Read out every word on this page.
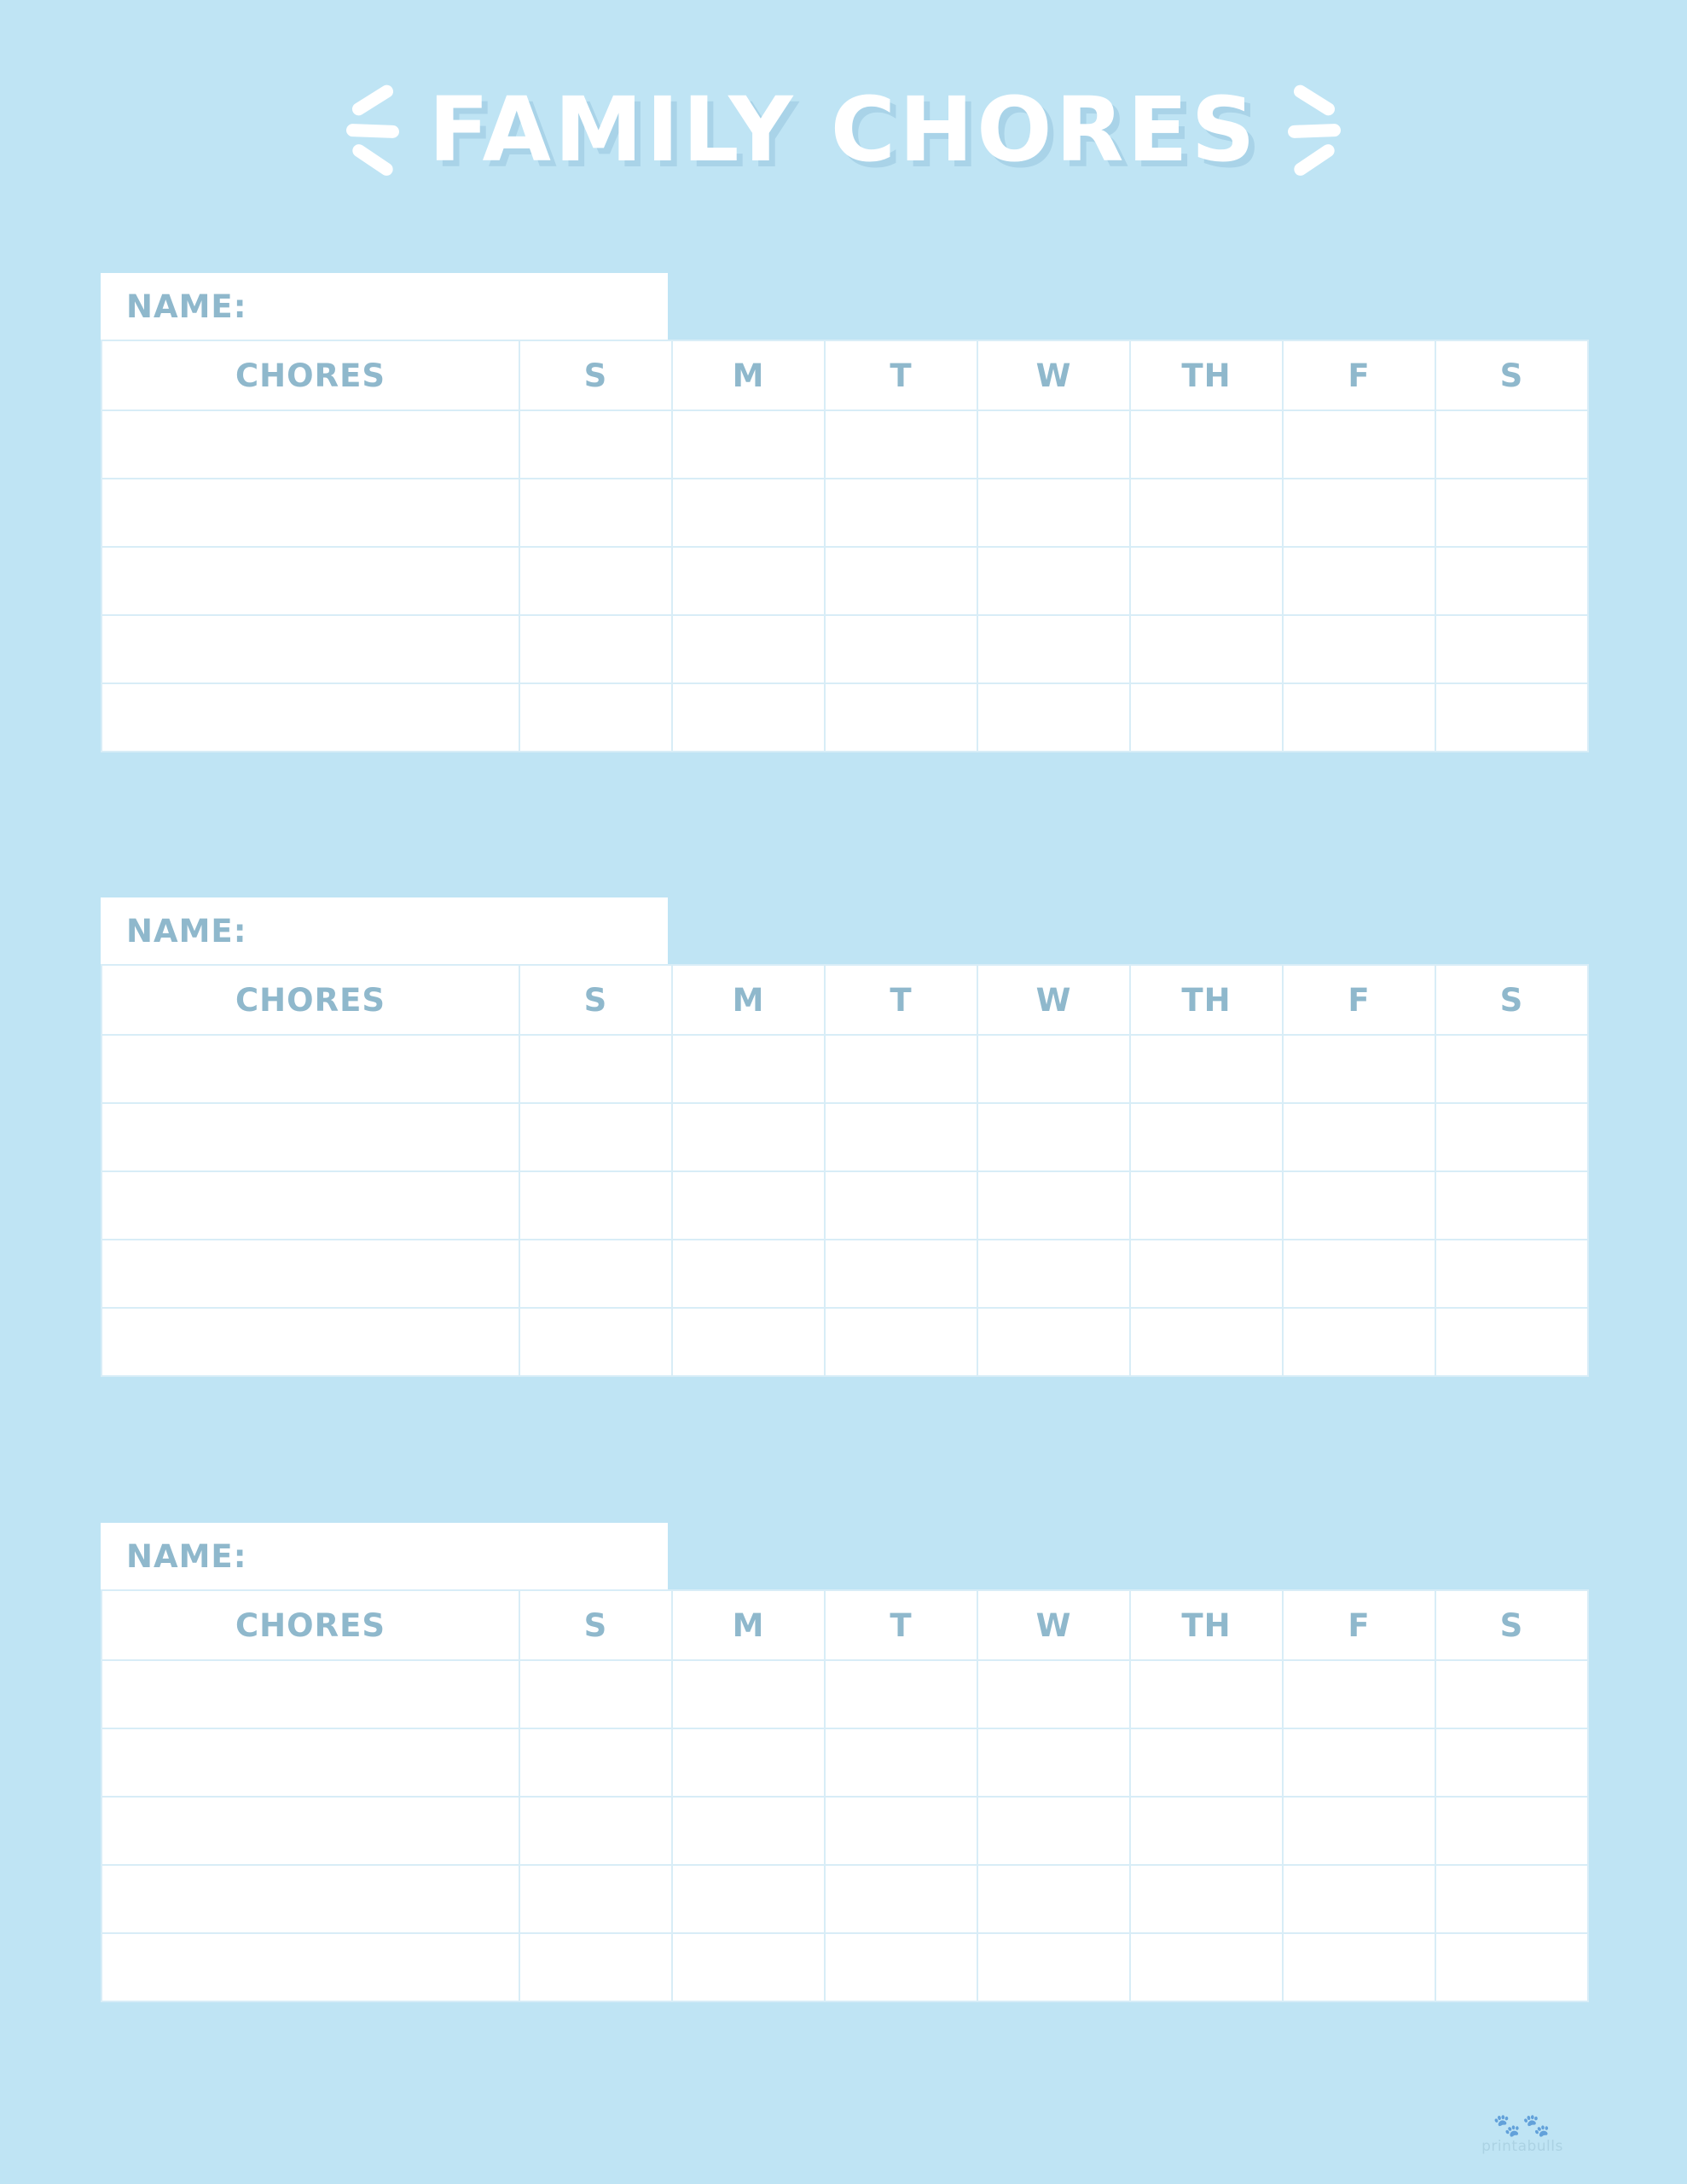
FAMILY CHORES
NAME:
CHORES	S	M	T	W	TH	F	S

NAME:
CHORES	S	M	T	W	TH	F	S

NAME:
CHORES	S	M	T	W	TH	F	S

🐾🐾
printabulls
